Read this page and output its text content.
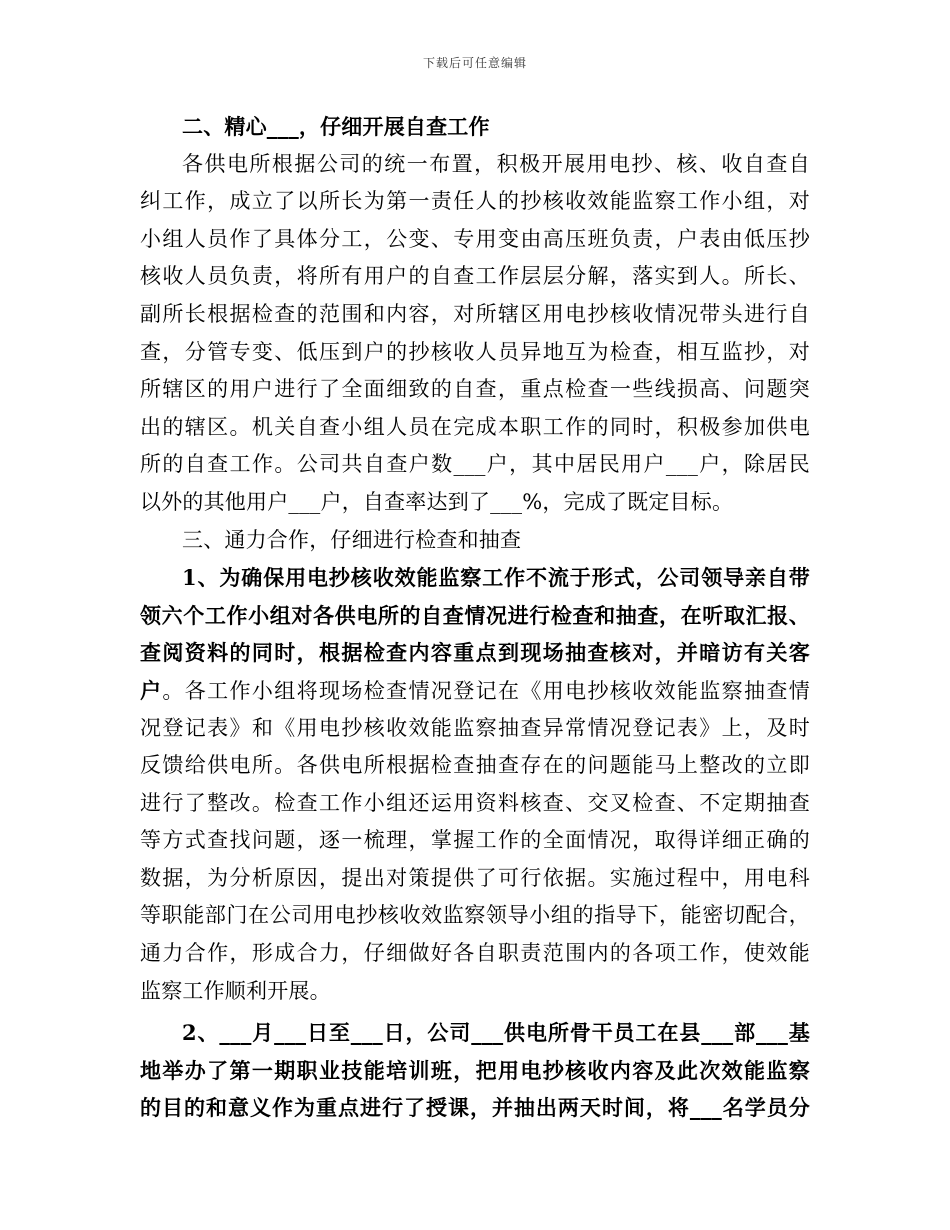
下载后可任意编辑
二、精心___，仔细开展自查工作
各供电所根据公司的统一布置，积极开展用电抄、核、收自查自
纠工作，成立了以所长为第一责任人的抄核收效能监察工作小组，对
小组人员作了具体分工，公变、专用变由高压班负责，户表由低压抄
核收人员负责，将所有用户的自查工作层层分解，落实到人。所长、
副所长根据检查的范围和内容，对所辖区用电抄核收情况带头进行自
查，分管专变、低压到户的抄核收人员异地互为检查，相互监抄，对
所辖区的用户进行了全面细致的自查，重点检查一些线损高、问题突
出的辖区。机关自查小组人员在完成本职工作的同时，积极参加供电
所的自查工作。公司共自查户数___户，其中居民用户___户，除居民
以外的其他用户___户，自查率达到了___%，完成了既定目标。
三、通力合作，仔细进行检查和抽查
1、为确保用电抄核收效能监察工作不流于形式，公司领导亲自带
领六个工作小组对各供电所的自查情况进行检查和抽查，在听取汇报、
查阅资料的同时，根据检查内容重点到现场抽查核对，并暗访有关客
户。各工作小组将现场检查情况登记在《用电抄核收效能监察抽查情
况登记表》和《用电抄核收效能监察抽查异常情况登记表》上，及时
反馈给供电所。各供电所根据检查抽查存在的问题能马上整改的立即
进行了整改。检查工作小组还运用资料核查、交叉检查、不定期抽查
等方式查找问题，逐一梳理，掌握工作的全面情况，取得详细正确的
数据，为分析原因，提出对策提供了可行依据。实施过程中，用电科
等职能部门在公司用电抄核收效监察领导小组的指导下，能密切配合，
通力合作，形成合力，仔细做好各自职责范围内的各项工作，使效能
监察工作顺利开展。
2、___月___日至___日，公司___供电所骨干员工在县___部___基
地举办了第一期职业技能培训班，把用电抄核收内容及此次效能监察
的目的和意义作为重点进行了授课，并抽出两天时间，将___名学员分
